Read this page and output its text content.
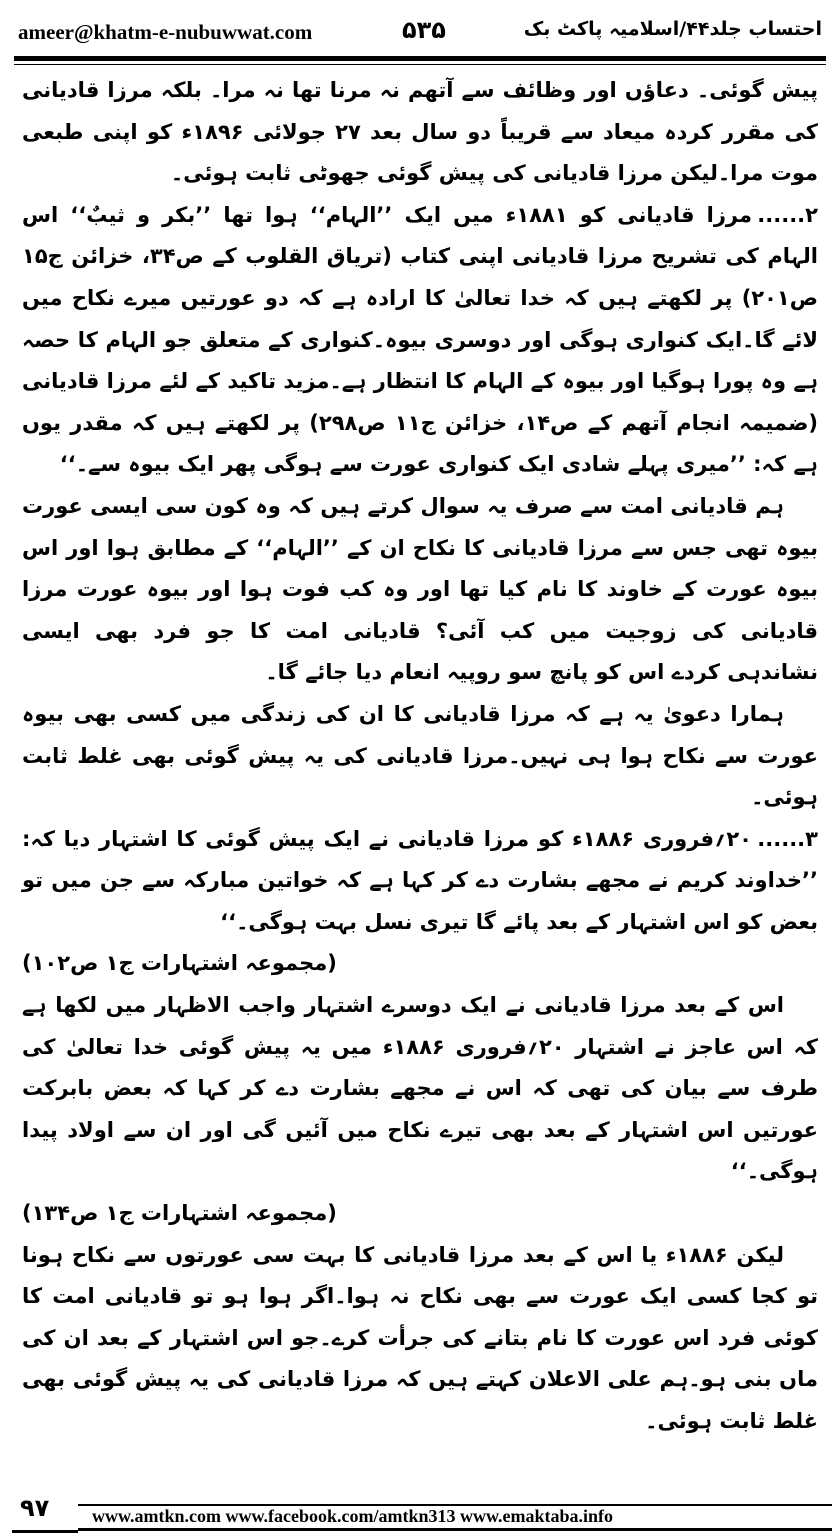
ameer@khatm-e-nubuwwat.com	۵۳۵	احتساب جلد۴۴/اسلامیہ پاکٹ بک

پیش گوئی۔ دعاؤں اور وظائف سے آتھم نہ مرنا تھا نہ مرا۔ بلکہ مرزا قادیانی کی مقرر کردہ میعاد سے قریباً دو سال بعد ۲۷ جولائی ۱۸۹۶ء کو اپنی طبعی موت مرا۔لیکن مرزا قادیانی کی پیش گوئی جھوٹی ثابت ہوئی۔

۲......مرزا قادیانی کو ۱۸۸۱ء میں ایک ’’الہام‘‘ ہوا تھا ’’بکر و ثیبٌ‘‘ اس الہام کی تشریح مرزا قادیانی اپنی کتاب (تریاق القلوب کے ص۳۴، خزائن ج۱۵ ص۲۰۱) پر لکھتے ہیں کہ خدا تعالیٰ کا ارادہ ہے کہ دو عورتیں میرے نکاح میں لائے گا۔ایک کنواری ہوگی اور دوسری بیوہ۔کنواری کے متعلق جو الہام کا حصہ ہے وہ پورا ہوگیا اور بیوہ کے الہام کا انتظار ہے۔مزید تاکید کے لئے مرزا قادیانی (ضمیمہ انجام آتھم کے ص۱۴، خزائن ج۱۱ ص۲۹۸) پر لکھتے ہیں کہ مقدر یوں ہے کہ: ’’میری پہلے شادی ایک کنواری عورت سے ہوگی پھر ایک بیوہ سے۔‘‘

ہم قادیانی امت سے صرف یہ سوال کرتے ہیں کہ وہ کون سی ایسی عورت بیوہ تھی جس سے مرزا قادیانی کا نکاح ان کے ’’الہام‘‘ کے مطابق ہوا اور اس بیوہ عورت کے خاوند کا نام کیا تھا اور وہ کب فوت ہوا اور بیوہ عورت مرزا قادیانی کی زوجیت میں کب آئی؟ قادیانی امت کا جو فرد بھی ایسی نشاندہی کردے اس کو پانچ سو روپیہ انعام دیا جائے گا۔

ہمارا دعویٰ یہ ہے کہ مرزا قادیانی کا ان کی زندگی میں کسی بھی بیوہ عورت سے نکاح ہوا ہی نہیں۔مرزا قادیانی کی یہ پیش گوئی بھی غلط ثابت ہوئی۔

۳......۲۰؍فروری ۱۸۸۶ء کو مرزا قادیانی نے ایک پیش گوئی کا اشتہار دیا کہ: ’’خداوند کریم نے مجھے بشارت دے کر کہا ہے کہ خواتین مبارکہ سے جن میں تو بعض کو اس اشتہار کے بعد پائے گا تیری نسل بہت ہوگی۔‘‘

(مجموعہ اشتہارات ج۱ ص۱۰۲)

اس کے بعد مرزا قادیانی نے ایک دوسرے اشتہار واجب الاظہار میں لکھا ہے کہ اس عاجز نے اشتہار ۲۰؍فروری ۱۸۸۶ء میں یہ پیش گوئی خدا تعالیٰ کی طرف سے بیان کی تھی کہ اس نے مجھے بشارت دے کر کہا کہ بعض بابرکت عورتیں اس اشتہار کے بعد بھی تیرے نکاح میں آئیں گی اور ان سے اولاد پیدا ہوگی۔‘‘

(مجموعہ اشتہارات ج۱ ص۱۳۴)

لیکن ۱۸۸۶ء یا اس کے بعد مرزا قادیانی کا بہت سی عورتوں سے نکاح ہونا تو کجا کسی ایک عورت سے بھی نکاح نہ ہوا۔اگر ہوا ہو تو قادیانی امت کا کوئی فرد اس عورت کا نام بتانے کی جرأت کرے۔جو اس اشتہار کے بعد ان کی ماں بنی ہو۔ہم علی الاعلان کہتے ہیں کہ مرزا قادیانی کی یہ پیش گوئی بھی غلط ثابت ہوئی۔

۹۷ www.amtkn.com www.facebook.com/amtkn313 www.emaktaba.info
